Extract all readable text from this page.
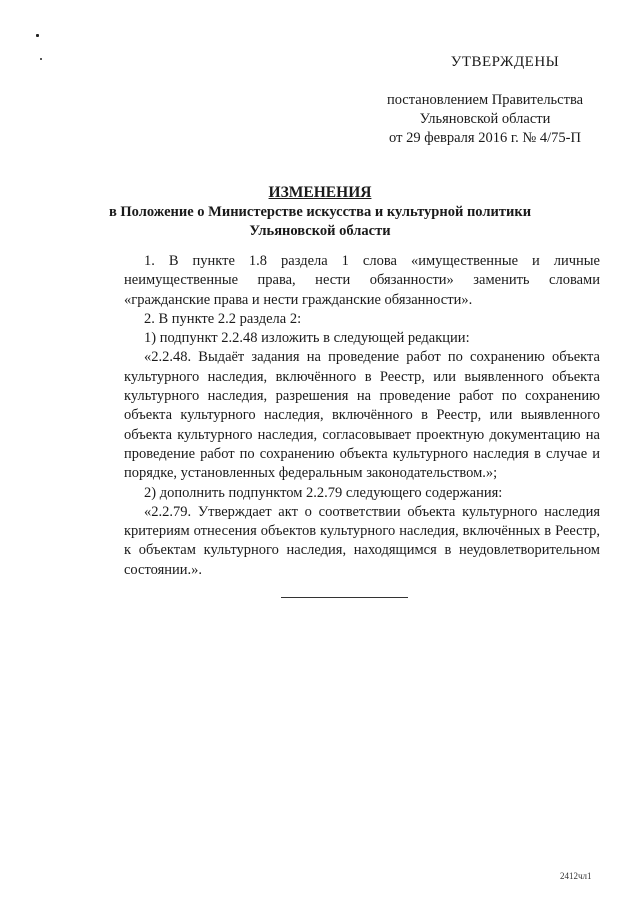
УТВЕРЖДЕНЫ
постановлением Правительства
Ульяновской области
от 29 февраля 2016 г. № 4/75-П
ИЗМЕНЕНИЯ
в Положение о Министерстве искусства и культурной политики
Ульяновской области

1. В пункте 1.8 раздела 1 слова «имущественные и личные неимущественные права, нести обязанности» заменить словами «гражданские права и нести гражданские обязанности».

2. В пункте 2.2 раздела 2:

1) подпункт 2.2.48 изложить в следующей редакции:

«2.2.48. Выдаёт задания на проведение работ по сохранению объекта культурного наследия, включённого в Реестр, или выявленного объекта культурного наследия, разрешения на проведение работ по сохранению объекта культурного наследия, включённого в Реестр, или выявленного объекта культурного наследия, согласовывает проектную документацию на проведение работ по сохранению объекта культурного наследия в случае и порядке, установленных федеральным законодательством.»;

2) дополнить подпунктом 2.2.79 следующего содержания:

«2.2.79. Утверждает акт о соответствии объекта культурного наследия критериям отнесения объектов культурного наследия, включённых в Реестр, к объектам культурного наследия, находящимся в неудовлетворительном состоянии.».

2412чл1
